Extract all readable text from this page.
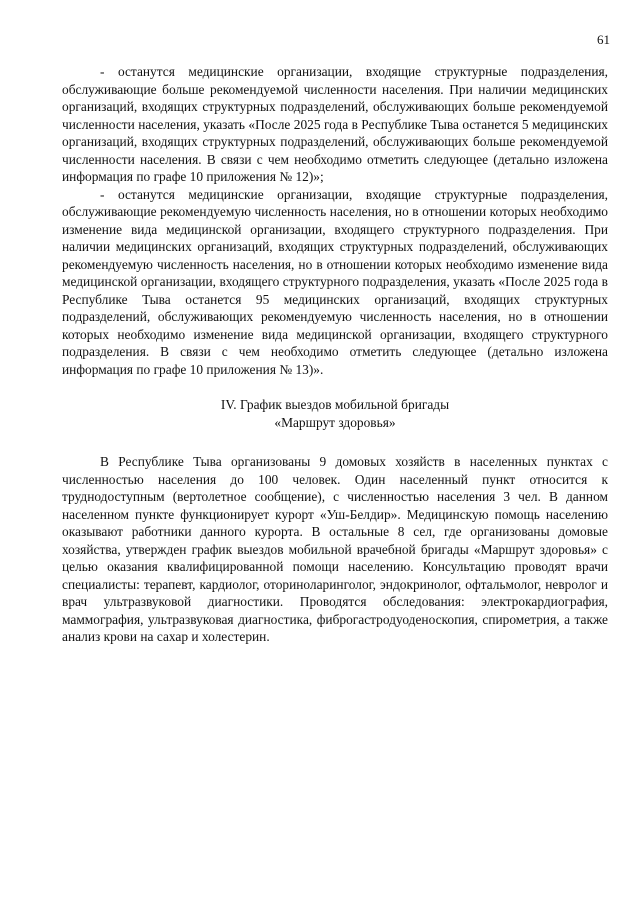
61

- останутся медицинские организации, входящие структурные подразделения, обслуживающие больше рекомендуемой численности населения. При наличии медицинских организаций, входящих структурных подразделений, обслуживающих больше рекомендуемой численности населения, указать «После 2025 года в Республике Тыва останется 5 медицинских организаций, входящих структурных подразделений, обслуживающих больше рекомендуемой численности населения. В связи с чем необходимо отметить следующее (детально изложена информация по графе 10 приложения № 12)»;

- останутся медицинские организации, входящие структурные подразделения, обслуживающие рекомендуемую численность населения, но в отношении которых необходимо изменение вида медицинской организации, входящего структурного подразделения. При наличии медицинских организаций, входящих структурных подразделений, обслуживающих рекомендуемую численность населения, но в отношении которых необходимо изменение вида медицинской организации, входящего структурного подразделения, указать «После 2025 года в Республике Тыва останется 95 медицинских организаций, входящих структурных подразделений, обслуживающих рекомендуемую численность населения, но в отношении которых необходимо изменение вида медицинской организации, входящего структурного подразделения. В связи с чем необходимо отметить следующее (детально изложена информация по графе 10 приложения № 13)».

IV. График выездов мобильной бригады
«Маршрут здоровья»

В Республике Тыва организованы 9 домовых хозяйств в населенных пунктах с численностью населения до 100 человек. Один населенный пункт относится к труднодоступным (вертолетное сообщение), с численностью населения 3 чел. В данном населенном пункте функционирует курорт «Уш-Белдир». Медицинскую помощь населению оказывают работники данного курорта. В остальные 8 сел, где организованы домовые хозяйства, утвержден график выездов мобильной врачебной бригады «Маршрут здоровья» с целью оказания квалифицированной помощи населению. Консультацию проводят врачи специалисты: терапевт, кардиолог, оториноларинголог, эндокринолог, офтальмолог, невролог и врач ультразвуковой диагностики. Проводятся обследования: электрокардиография, маммография, ультразвуковая диагностика, фиброгастродуоденоскопия, спирометрия, а также анализ крови на сахар и холестерин.
